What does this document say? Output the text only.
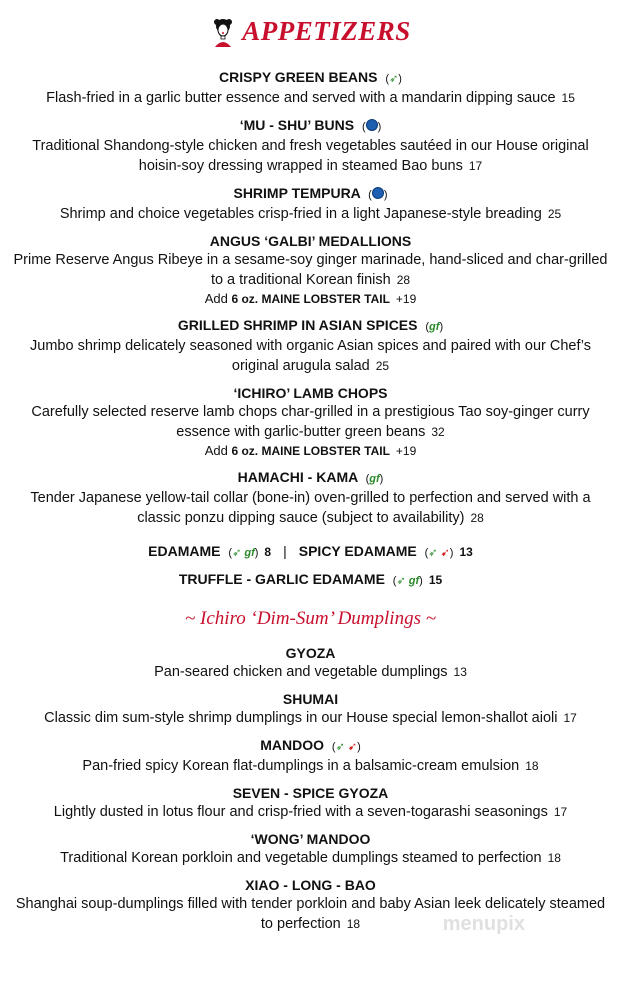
APPETIZERS
CRISPY GREEN BEANS (➶)
Flash-fried in a garlic butter essence and served with a mandarin dipping sauce 15
‘MU - SHU’ BUNS ( )
Traditional Shandong-style chicken and fresh vegetables sautéed in our House original hoisin-soy dressing wrapped in steamed Bao buns 17
SHRIMP TEMPURA ( )
Shrimp and choice vegetables crisp-fried in a light Japanese-style breading 25
ANGUS ‘GALBI’ MEDALLIONS
Prime Reserve Angus Ribeye in a sesame-soy ginger marinade, hand-sliced and char-grilled to a traditional Korean finish 28
Add 6 oz. MAINE LOBSTER TAIL +19
GRILLED SHRIMP IN ASIAN SPICES (gf)
Jumbo shrimp delicately seasoned with organic Asian spices and paired with our Chef’s original arugula salad 25
‘ICHIRO’ LAMB CHOPS
Carefully selected reserve lamb chops char-grilled in a prestigious Tao soy-ginger curry essence with garlic-butter green beans 32
Add 6 oz. MAINE LOBSTER TAIL +19
HAMACHI - KAMA (gf)
Tender Japanese yellow-tail collar (bone-in) oven-grilled to perfection and served with a classic ponzu dipping sauce (subject to availability) 28
EDAMAME (➶ gf) 8 | SPICY EDAMAME (➶ ➹) 13
TRUFFLE - GARLIC EDAMAME (➶ gf) 15
~ Ichiro ‘Dim-Sum’ Dumplings ~
GYOZA
Pan-seared chicken and vegetable dumplings 13
SHUMAI
Classic dim sum-style shrimp dumplings in our House special lemon-shallot aioli 17
MANDOO (➶ ➹)
Pan-fried spicy Korean flat-dumplings in a balsamic-cream emulsion 18
SEVEN - SPICE GYOZA
Lightly dusted in lotus flour and crisp-fried with a seven-togarashi seasonings 17
‘WONG’ MANDOO
Traditional Korean porkloin and vegetable dumplings steamed to perfection 18
XIAO - LONG - BAO
Shanghai soup-dumplings filled with tender porkloin and baby Asian leek delicately steamed to perfection 18	menupix
